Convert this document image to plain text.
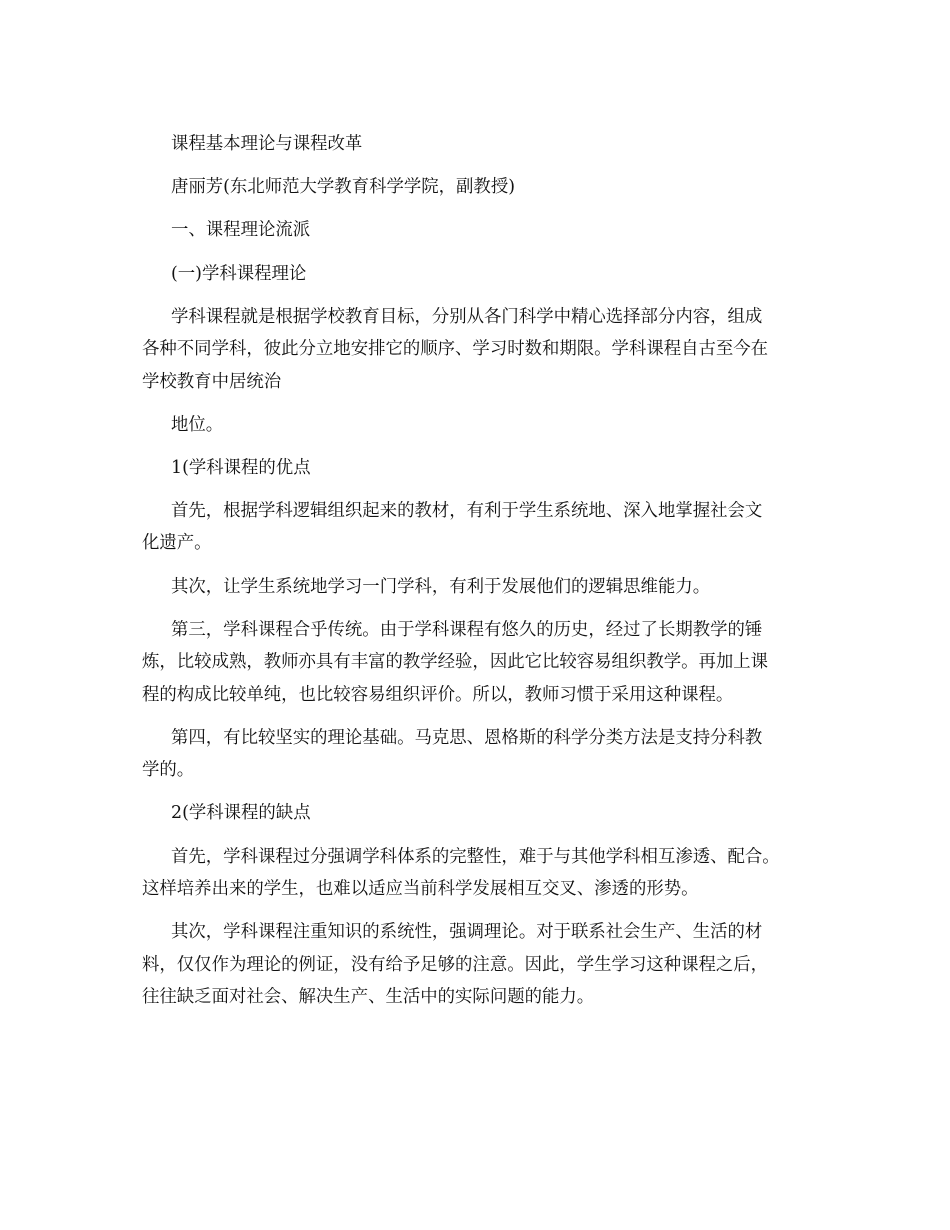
课程基本理论与课程改革
唐丽芳(东北师范大学教育科学学院，副教授)
一、课程理论流派
(一)学科课程理论
学科课程就是根据学校教育目标，分别从各门科学中精心选择部分内容，组成
各种不同学科，彼此分立地安排它的顺序、学习时数和期限。学科课程自古至今在
学校教育中居统治
地位。
1(学科课程的优点
首先，根据学科逻辑组织起来的教材，有利于学生系统地、深入地掌握社会文
化遗产。
其次，让学生系统地学习一门学科，有利于发展他们的逻辑思维能力。
第三，学科课程合乎传统。由于学科课程有悠久的历史，经过了长期教学的锤
炼，比较成熟，教师亦具有丰富的教学经验，因此它比较容易组织教学。再加上课
程的构成比较单纯，也比较容易组织评价。所以，教师习惯于采用这种课程。
第四，有比较坚实的理论基础。马克思、恩格斯的科学分类方法是支持分科教
学的。
2(学科课程的缺点
首先，学科课程过分强调学科体系的完整性，难于与其他学科相互渗透、配合。
这样培养出来的学生，也难以适应当前科学发展相互交叉、渗透的形势。
其次，学科课程注重知识的系统性，强调理论。对于联系社会生产、生活的材
料，仅仅作为理论的例证，没有给予足够的注意。因此，学生学习这种课程之后，
往往缺乏面对社会、解决生产、生活中的实际问题的能力。
